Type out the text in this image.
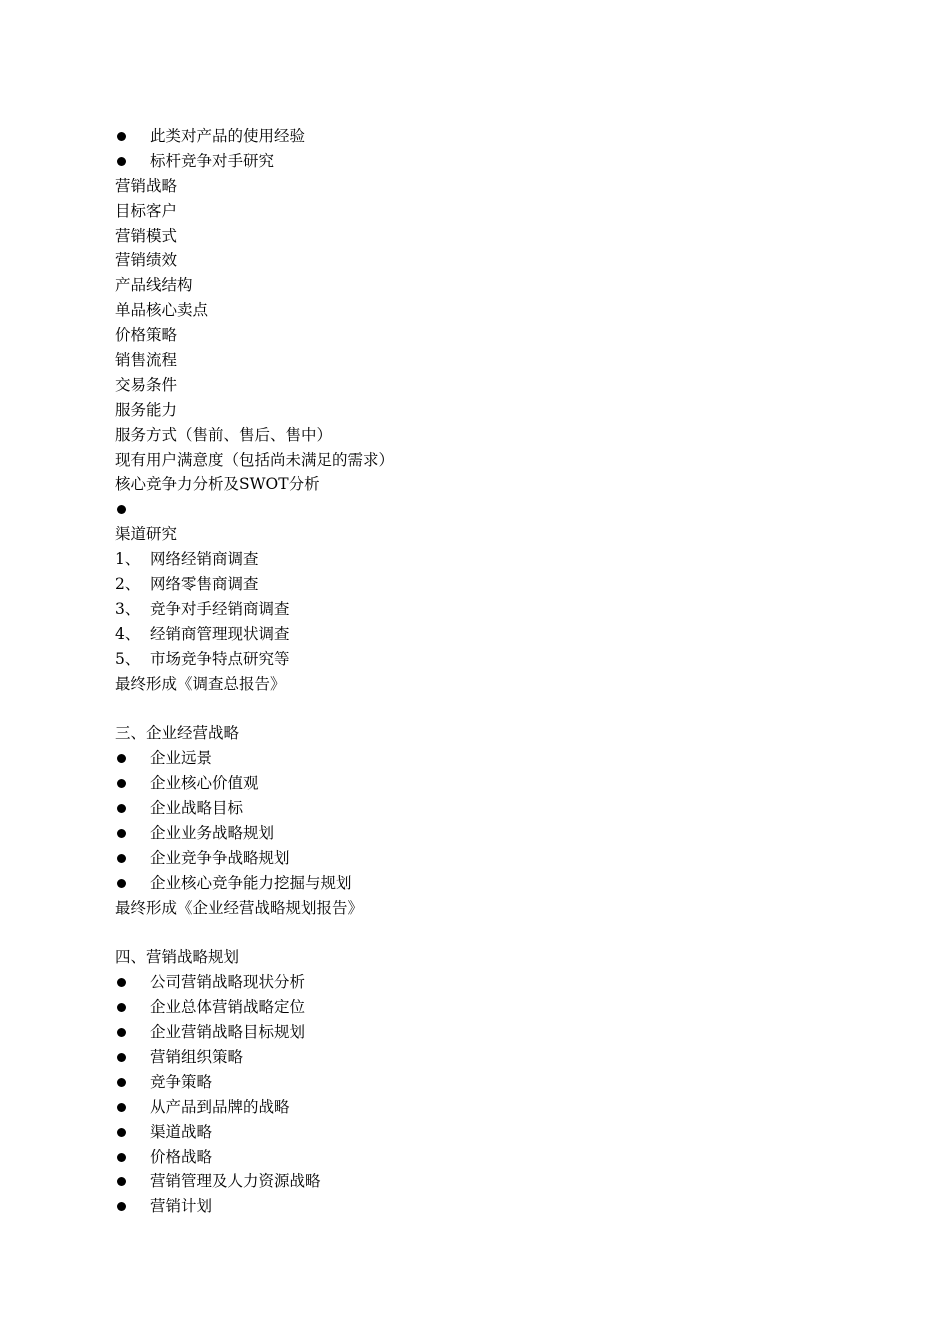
此类对产品的使用经验
标杆竞争对手研究
营销战略
目标客户
营销模式
营销绩效
产品线结构
单品核心卖点
价格策略
销售流程
交易条件
服务能力
服务方式（售前、售后、售中）
现有用户满意度（包括尚未满足的需求）
核心竞争力分析及SWOT分析
渠道研究
1、 网络经销商调查
2、 网络零售商调查
3、 竞争对手经销商调查
4、 经销商管理现状调查
5、 市场竞争特点研究等
最终形成《调查总报告》
三、企业经营战略
企业远景
企业核心价值观
企业战略目标
企业业务战略规划
企业竞争争战略规划
企业核心竞争能力挖掘与规划
最终形成《企业经营战略规划报告》
四、营销战略规划
公司营销战略现状分析
企业总体营销战略定位
企业营销战略目标规划
营销组织策略
竞争策略
从产品到品牌的战略
渠道战略
价格战略
营销管理及人力资源战略
营销计划
